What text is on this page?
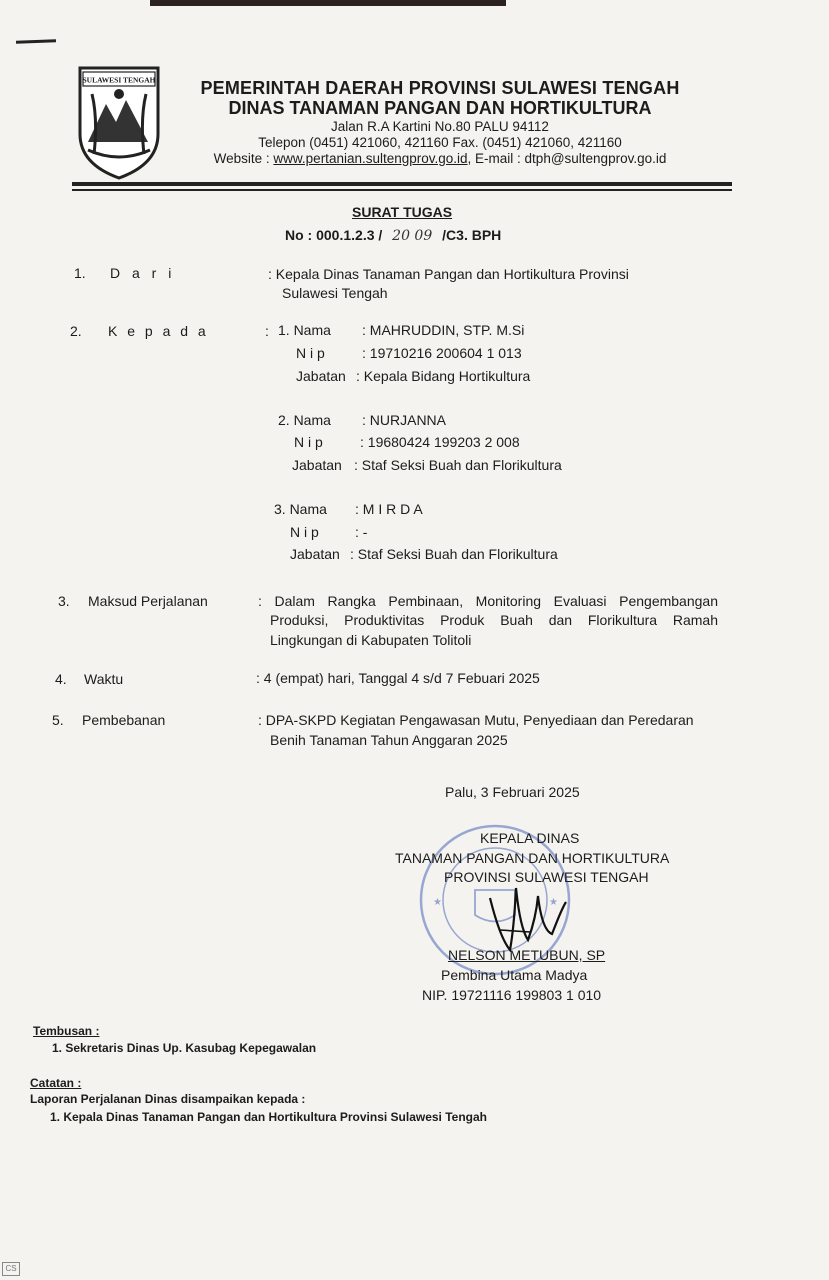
SULAWESI TENGAH	PEMERINTAH DAERAH PROVINSI SULAWESI TENGAH
DINAS TANAMAN PANGAN DAN HORTIKULTURA
Jalan R.A Kartini No.80 PALU 94112
Telepon (0451) 421060, 421160 Fax. (0451) 421060, 421160
Website : www.pertanian.sultengprov.go.id, E-mail : dtph@sultengprov.go.id
SURAT TUGAS
No : 000.1.2.3 / 20 09 /C3. BPH
1. D a r i	: Kepala Dinas Tanaman Pangan dan Hortikultura Provinsi
Sulawesi Tengah
2. K e p a d a	: 1. Nama : MAHRUDDIN, STP. M.Si
N i p	: 19710216 200604 1 013
Jabatan : Kepala Bidang Hortikultura
2. Nama : NURJANNA
N i p	: 19680424 199203 2 008
Jabatan : Staf Seksi Buah dan Florikultura
3. Nama : M I R D A
N i p	: -
Jabatan : Staf Seksi Buah dan Florikultura
3. Maksud Perjalanan	: Dalam Rangka Pembinaan, Monitoring Evaluasi Pengembangan
Produksi, Produktivitas Produk Buah dan Florikultura Ramah
Lingkungan di Kabupaten Tolitoli
4. Waktu	: 4 (empat) hari, Tanggal 4 s/d 7 Febuari 2025
5. Pembebanan	: DPA-SKPD Kegiatan Pengawasan Mutu, Penyediaan dan Peredaran
Benih Tanaman Tahun Anggaran 2025
Palu, 3 Februari 2025
★	★
KEPALA DINAS
TANAMAN PANGAN DAN HORTIKULTURA
PROVINSI SULAWESI TENGAH
NELSON METUBUN, SP
Pembina Utama Madya
NIP. 19721116 199803 1 010
Tembusan :
1. Sekretaris Dinas Up. Kasubag Kepegawalan
Catatan :
Laporan Perjalanan Dinas disampaikan kepada :
1. Kepala Dinas Tanaman Pangan dan Hortikultura Provinsi Sulawesi Tengah
CS
